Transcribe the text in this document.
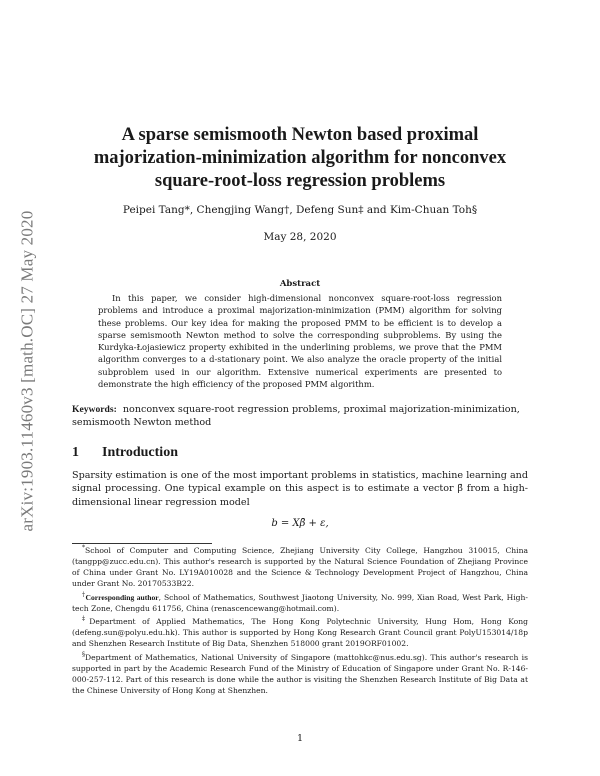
arXiv:1903.11460v3 [math.OC] 27 May 2020
A sparse semismooth Newton based proximal
majorization-minimization algorithm for nonconvex
square-root-loss regression problems
Peipei Tang*, Chengjing Wang†, Defeng Sun‡ and Kim-Chuan Toh§
May 28, 2020
Abstract

In this paper, we consider high-dimensional nonconvex square-root-loss regression problems and introduce a proximal majorization-minimization (PMM) algorithm for solving these problems. Our key idea for making the proposed PMM to be efficient is to develop a sparse semismooth Newton method to solve the corresponding subproblems. By using the Kurdyka-Łojasiewicz property exhibited in the underlining problems, we prove that the PMM algorithm converges to a d-stationary point. We also analyze the oracle property of the initial subproblem used in our algorithm. Extensive numerical experiments are presented to demonstrate the high efficiency of the proposed PMM algorithm.

Keywords: nonconvex square-root regression problems, proximal majorization-minimization, semismooth Newton method

1 Introduction

Sparsity estimation is one of the most important problems in statistics, machine learning and signal processing. One typical example on this aspect is to estimate a vector β̄ from a high-dimensional linear regression model

b = Xβ̄ + ε,

*School of Computer and Computing Science, Zhejiang University City College, Hangzhou 310015, China (tangpp@zucc.edu.cn). This author's research is supported by the Natural Science Foundation of Zhejiang Province of China under Grant No. LY19A010028 and the Science & Technology Development Project of Hangzhou, China under Grant No. 20170533B22.

†Corresponding author, School of Mathematics, Southwest Jiaotong University, No. 999, Xian Road, West Park, High-tech Zone, Chengdu 611756, China (renascencewang@hotmail.com).

‡Department of Applied Mathematics, The Hong Kong Polytechnic University, Hung Hom, Hong Kong (defeng.sun@polyu.edu.hk). This author is supported by Hong Kong Research Grant Council grant PolyU153014/18p and Shenzhen Research Institute of Big Data, Shenzhen 518000 grant 2019ORF01002.

§Department of Mathematics, National University of Singapore (mattohkc@nus.edu.sg). This author's research is supported in part by the Academic Research Fund of the Ministry of Education of Singapore under Grant No. R-146-000-257-112. Part of this research is done while the author is visiting the Shenzhen Research Institute of Big Data at the Chinese University of Hong Kong at Shenzhen.

1
